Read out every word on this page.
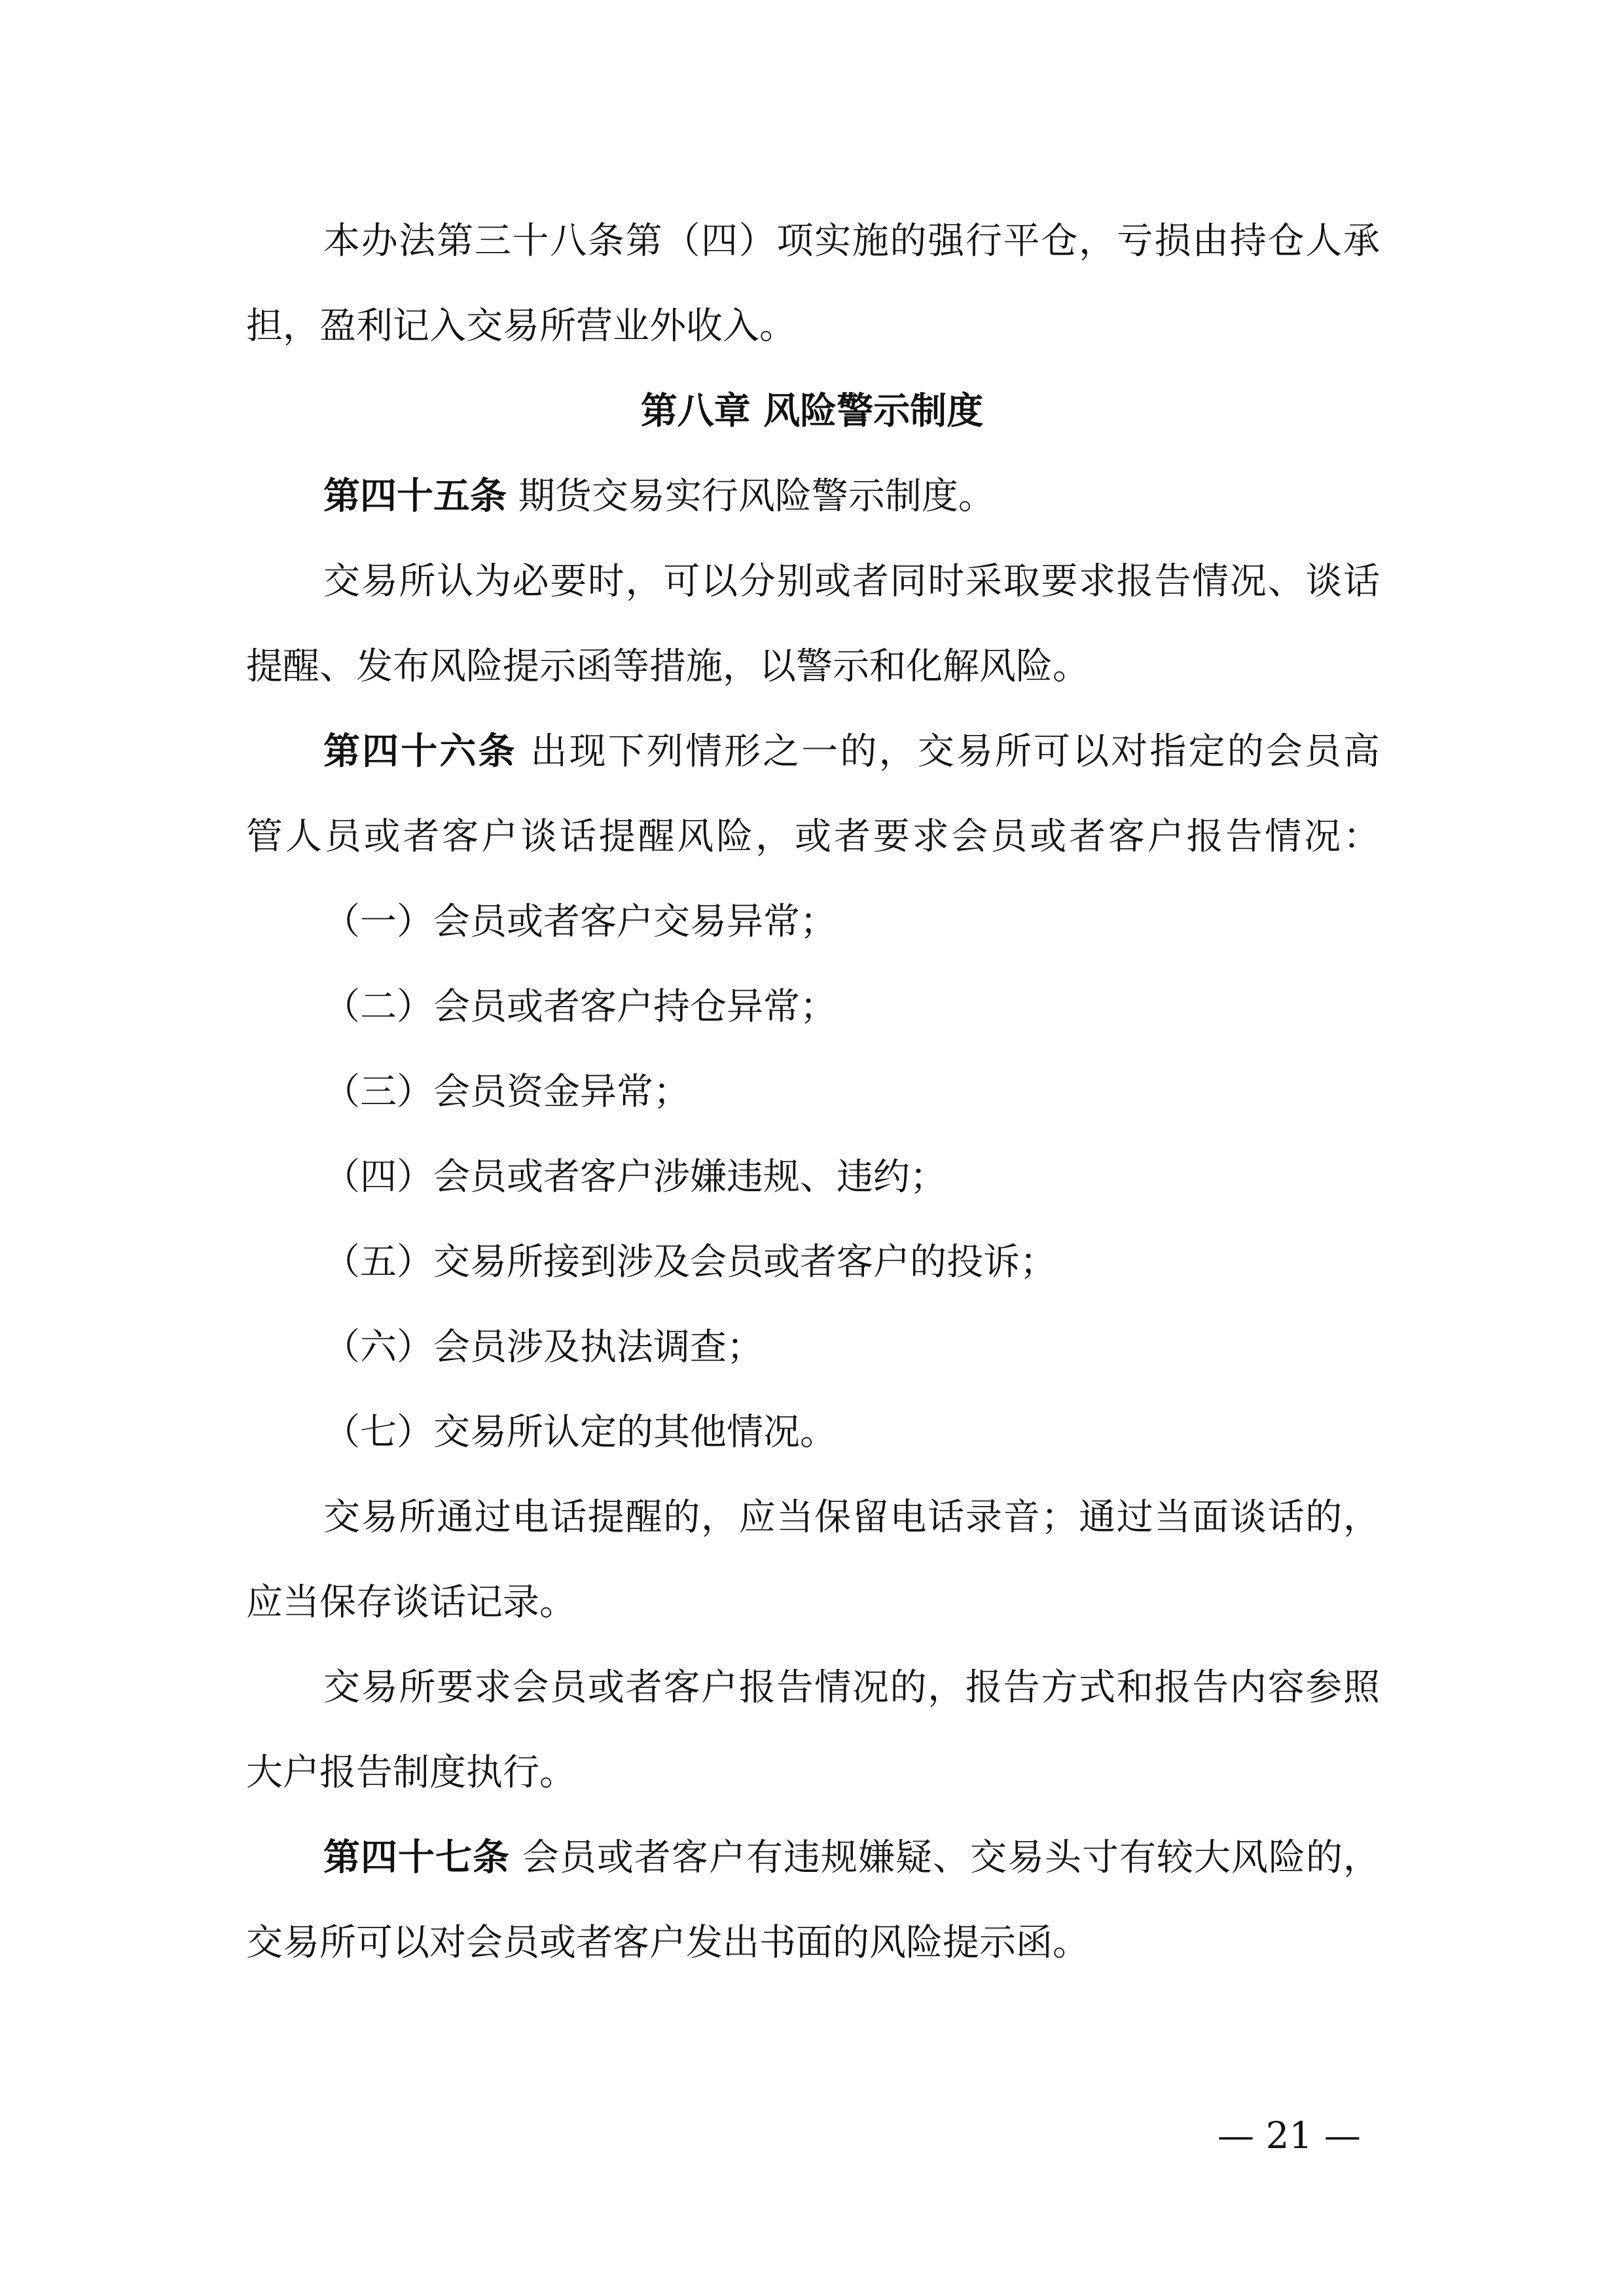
本办法第三十八条第（四）项实施的强行平仓，亏损由持仓人承
担，盈利记入交易所营业外收入。
第四十五条 期货交易实行风险警示制度。
交易所认为必要时，可以分别或者同时采取要求报告情况、谈话
提醒、发布风险提示函等措施，以警示和化解风险。
第四十六条 出现下列情形之一的，交易所可以对指定的会员高
管人员或者客户谈话提醒风险，或者要求会员或者客户报告情况：
（一）会员或者客户交易异常；
（二）会员或者客户持仓异常；
（三）会员资金异常；
（四）会员或者客户涉嫌违规、违约；
（五）交易所接到涉及会员或者客户的投诉；
（六）会员涉及执法调查；
（七）交易所认定的其他情况。
交易所通过电话提醒的，应当保留电话录音；通过当面谈话的，
应当保存谈话记录。
交易所要求会员或者客户报告情况的，报告方式和报告内容参照
大户报告制度执行。
第四十七条 会员或者客户有违规嫌疑、交易头寸有较大风险的，
交易所可以对会员或者客户发出书面的风险提示函。
第八章 风险警示制度
— 21 —
